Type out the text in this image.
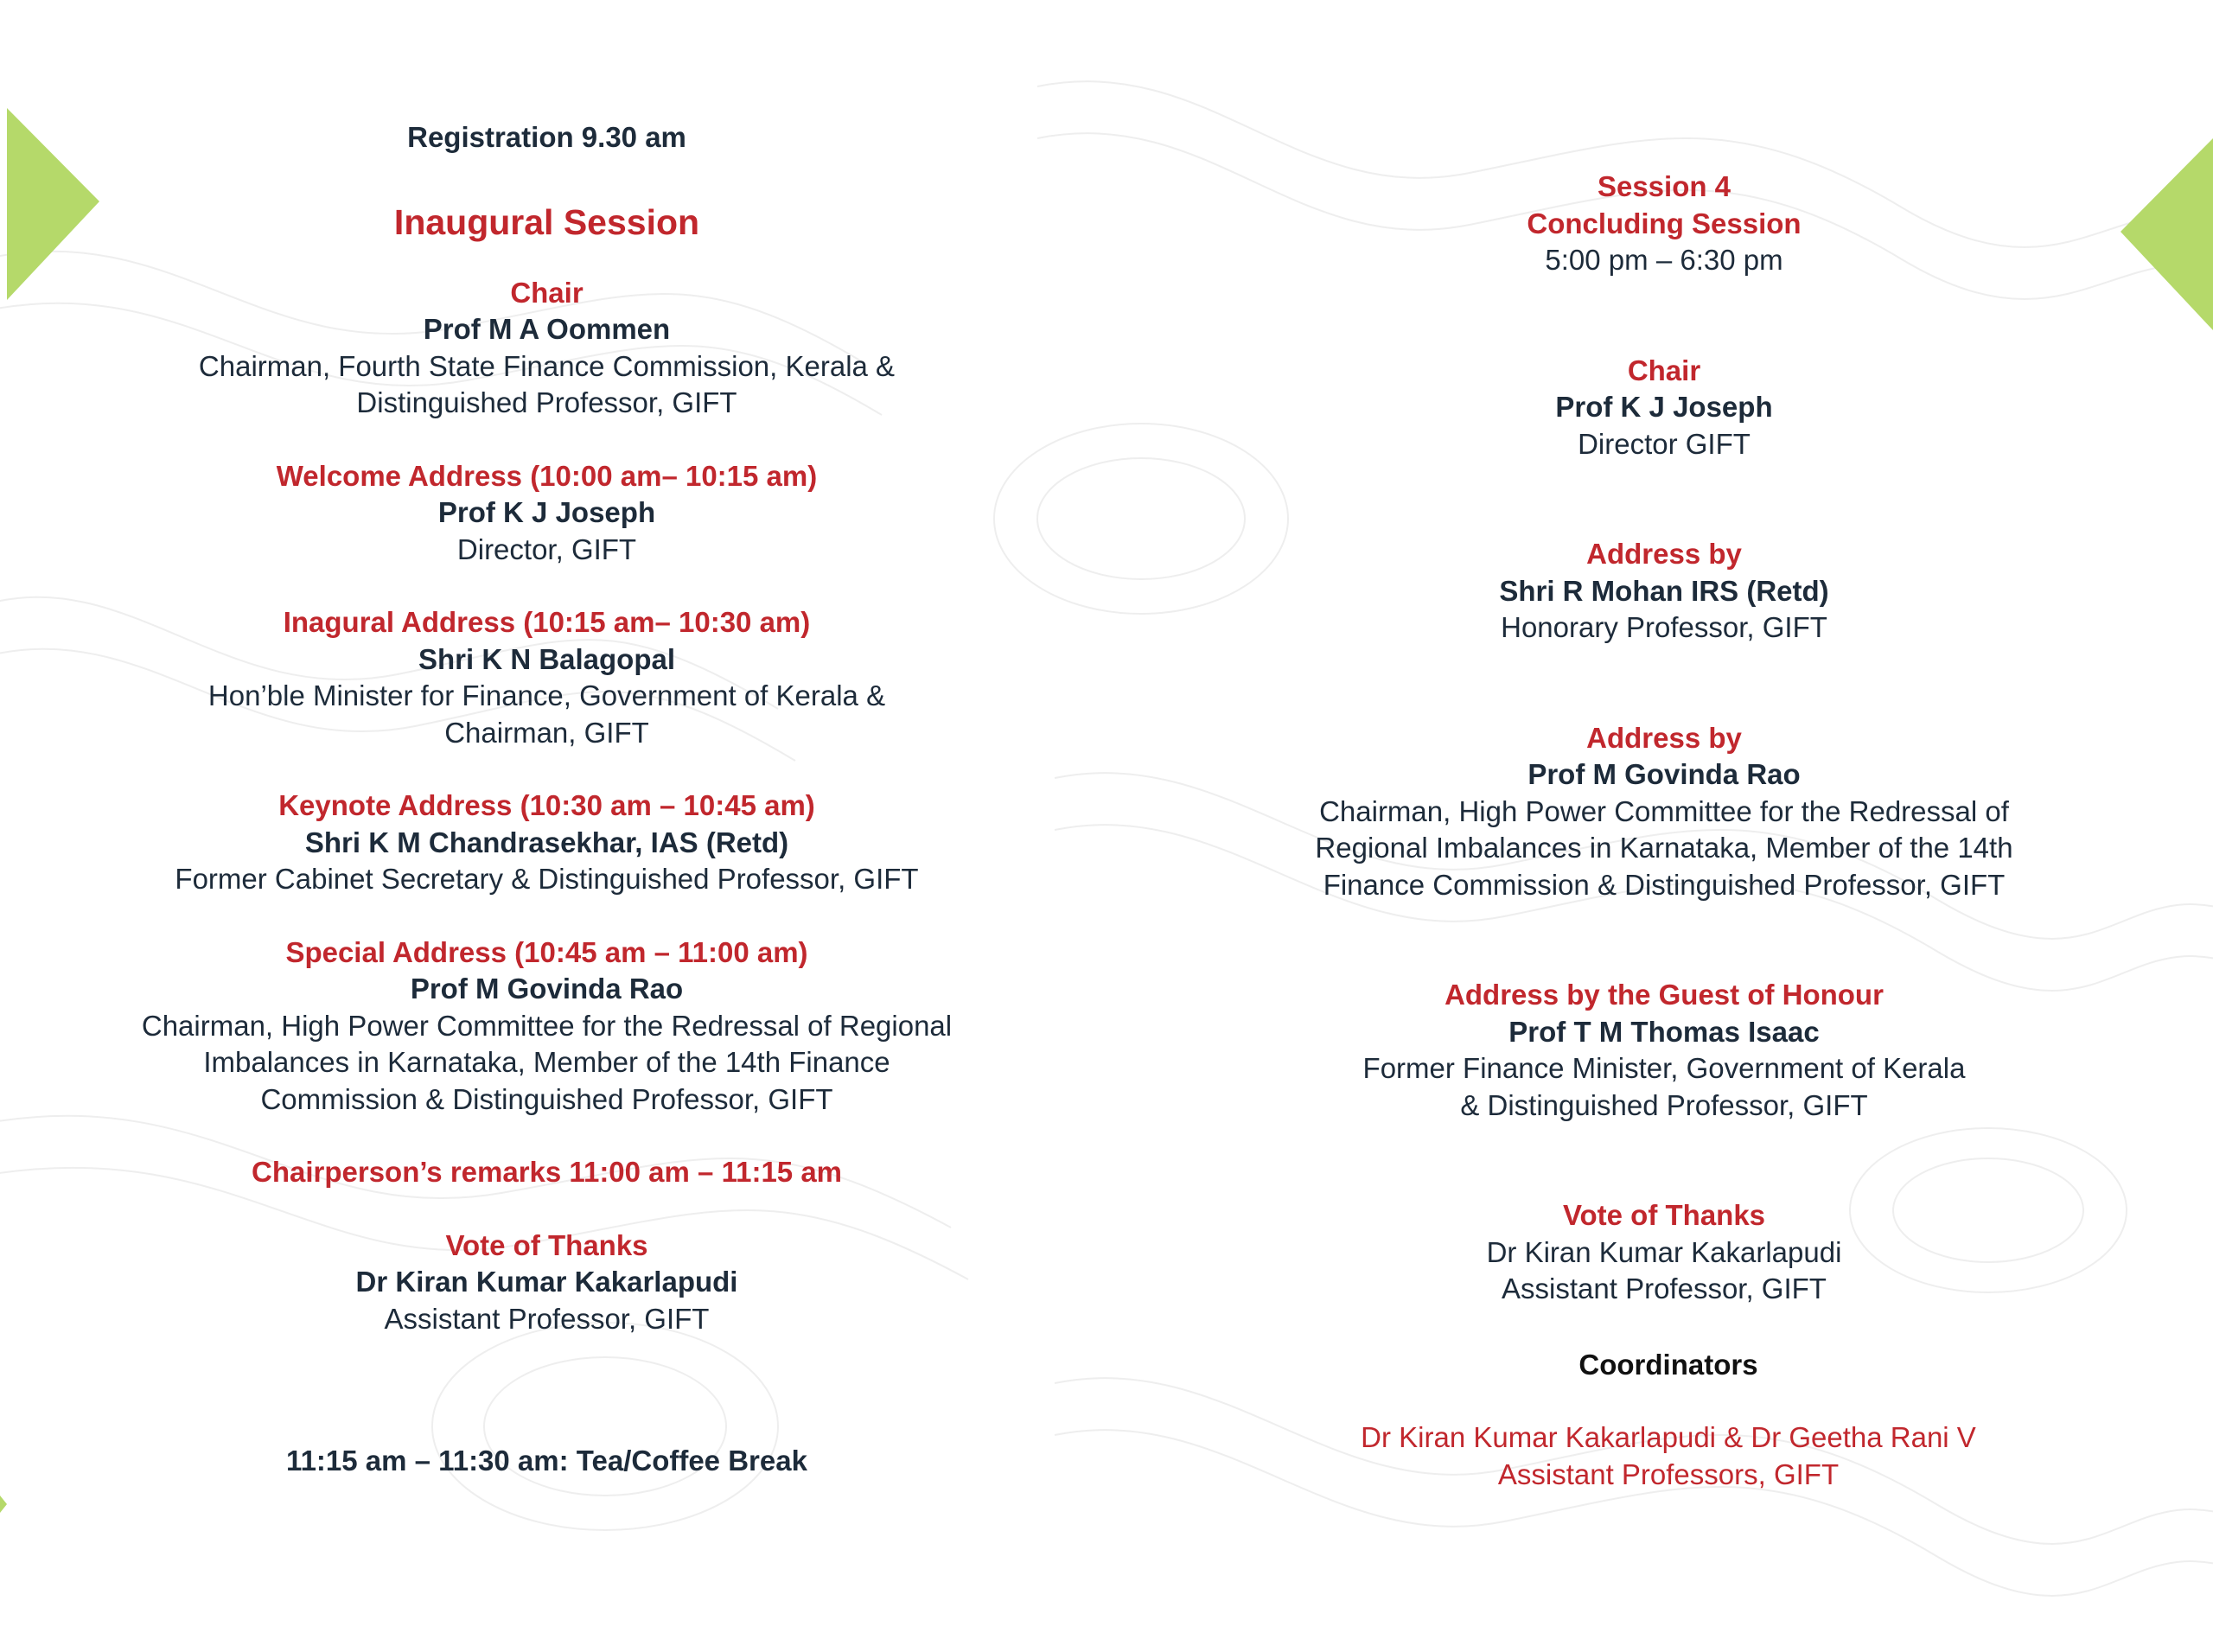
Registration 9.30 am
Inaugural Session
Chair
Prof M A Oommen
Chairman, Fourth State Finance Commission, Kerala &
Distinguished Professor, GIFT
Welcome Address (10:00 am– 10:15 am)
Prof K J Joseph
Director, GIFT
Inagural Address (10:15 am– 10:30 am)
Shri K N Balagopal
Hon’ble Minister for Finance, Government of Kerala &
Chairman, GIFT
Keynote Address (10:30 am – 10:45 am)
Shri K M Chandrasekhar, IAS (Retd)
Former Cabinet Secretary & Distinguished Professor, GIFT
Special Address (10:45 am – 11:00 am)
Prof M Govinda Rao
Chairman, High Power Committee for the Redressal of Regional
Imbalances in Karnataka, Member of the 14th Finance
Commission & Distinguished Professor, GIFT
Chairperson’s remarks 11:00 am – 11:15 am
Vote of Thanks
Dr Kiran Kumar Kakarlapudi
Assistant Professor, GIFT
11:15 am – 11:30 am: Tea/Coffee Break
Session 4
Concluding Session
5:00 pm – 6:30 pm
Chair
Prof K J Joseph
Director GIFT
Address by
Shri R Mohan IRS (Retd)
Honorary Professor, GIFT
Address by
Prof M Govinda Rao
Chairman, High Power Committee for the Redressal of
Regional Imbalances in Karnataka, Member of the 14th
Finance Commission & Distinguished Professor, GIFT
Address by the Guest of Honour
Prof T M Thomas Isaac
Former Finance Minister, Government of Kerala
& Distinguished Professor, GIFT
Vote of Thanks
Dr Kiran Kumar Kakarlapudi
Assistant Professor, GIFT
Coordinators
Dr Kiran Kumar Kakarlapudi & Dr Geetha Rani V
Assistant Professors, GIFT
